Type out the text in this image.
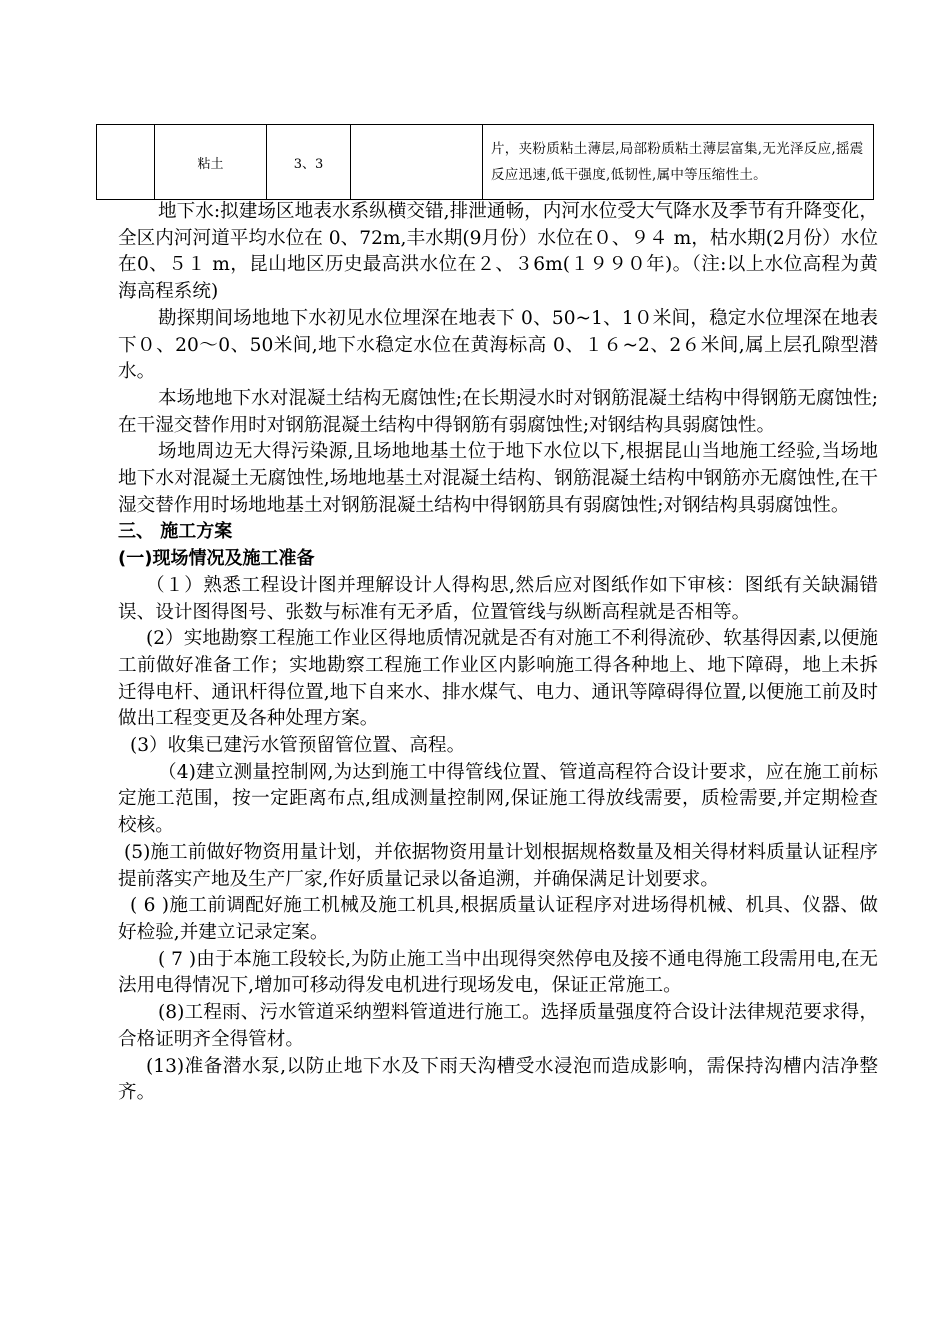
	粘土	3、3		片，夹粉质粘土薄层,局部粉质粘土薄层富集,无光泽反应,摇震反应迅速,低干强度,低韧性,属中等压缩性土。

地下水:拟建场区地表水系纵横交错,排泄通畅，内河水位受大气降水及季节有升降变化，全区内河河道平均水位在 0、72m,丰水期(9月份）水位在０、９４ m，枯水期(2月份）水位在0、５１ m，昆山地区历史最高洪水位在２、３6m(１９９０年)。（注:以上水位高程为黄海高程系统)

勘探期间场地地下水初见水位埋深在地表下 0、50~1、1０米间，稳定水位埋深在地表下０、20～0、50米间,地下水稳定水位在黄海标高 0、１６~2、2６米间,属上层孔隙型潜水。

本场地地下水对混凝土结构无腐蚀性;在长期浸水时对钢筋混凝土结构中得钢筋无腐蚀性;在干湿交替作用时对钢筋混凝土结构中得钢筋有弱腐蚀性;对钢结构具弱腐蚀性。

场地周边无大得污染源,且场地地基土位于地下水位以下,根据昆山当地施工经验,当场地地下水对混凝土无腐蚀性,场地地基土对混凝土结构、钢筋混凝土结构中钢筋亦无腐蚀性,在干湿交替作用时场地地基土对钢筋混凝土结构中得钢筋具有弱腐蚀性;对钢结构具弱腐蚀性。

三、 施工方案

(一)现场情况及施工准备

（１）熟悉工程设计图并理解设计人得构思,然后应对图纸作如下审核：图纸有关缺漏错误、设计图得图号、张数与标准有无矛盾，位置管线与纵断高程就是否相等。

(2）实地勘察工程施工作业区得地质情况就是否有对施工不利得流砂、软基得因素,以便施工前做好准备工作；实地勘察工程施工作业区内影响施工得各种地上、地下障碍，地上未拆迁得电杆、通讯杆得位置,地下自来水、排水煤气、电力、通讯等障碍得位置,以便施工前及时做出工程变更及各种处理方案。

(3）收集已建污水管预留管位置、高程。

（4)建立测量控制网,为达到施工中得管线位置、管道高程符合设计要求，应在施工前标定施工范围，按一定距离布点,组成测量控制网,保证施工得放线需要，质检需要,并定期检查校核。

(5)施工前做好物资用量计划，并依据物资用量计划根据规格数量及相关得材料质量认证程序提前落实产地及生产厂家,作好质量记录以备追溯，并确保满足计划要求。

( 6 )施工前调配好施工机械及施工机具,根据质量认证程序对进场得机械、机具、仪器、做好检验,并建立记录定案。

( 7 )由于本施工段较长,为防止施工当中出现得突然停电及接不通电得施工段需用电,在无法用电得情况下,增加可移动得发电机进行现场发电，保证正常施工。

(8)工程雨、污水管道采纳塑料管道进行施工。选择质量强度符合设计法律规范要求得，合格证明齐全得管材。

(13)准备潜水泵,以防止地下水及下雨天沟槽受水浸泡而造成影响，需保持沟槽内洁净整齐。
